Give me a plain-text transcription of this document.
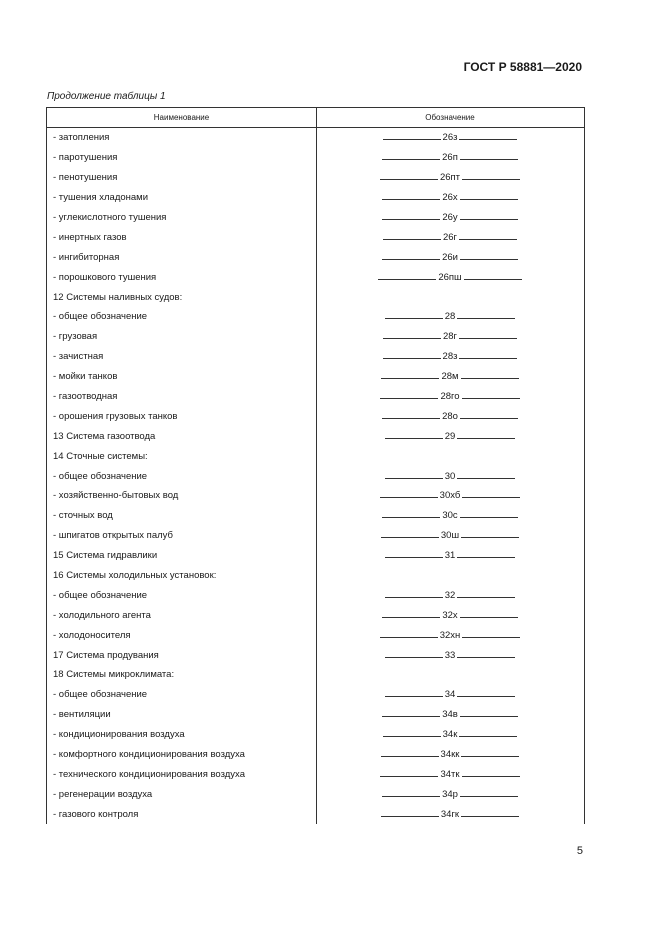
ГОСТ Р 58881—2020
Продолжение таблицы 1
Наименование	Обозначение
- затопления	26з
- паротушения	26п
- пенотушения	26пт
- тушения хладонами	26х
- углекислотного тушения	26у
- инертных газов	26г
- ингибиторная	26и
- порошкового тушения	26пш
12 Системы наливных судов:
- общее обозначение	28
- грузовая	28г
- зачистная	28з
- мойки танков	28м
- газоотводная	28го
- орошения грузовых танков	28о
13 Система газоотвода	29
14 Сточные системы:
- общее обозначение	30
- хозяйственно-бытовых вод	30хб
- сточных вод	30с
- шпигатов открытых палуб	30ш
15 Система гидравлики	31
16 Системы холодильных установок:
- общее обозначение	32
- холодильного агента	32х
- холодоносителя	32хн
17 Система продувания	33
18 Системы микроклимата:
- общее обозначение	34
- вентиляции	34в
- кондиционирования воздуха	34к
- комфортного кондиционирования воздуха	34кк
- технического кондиционирования воздуха	34тк
- регенерации воздуха	34р
- газового контроля	34гк
5
